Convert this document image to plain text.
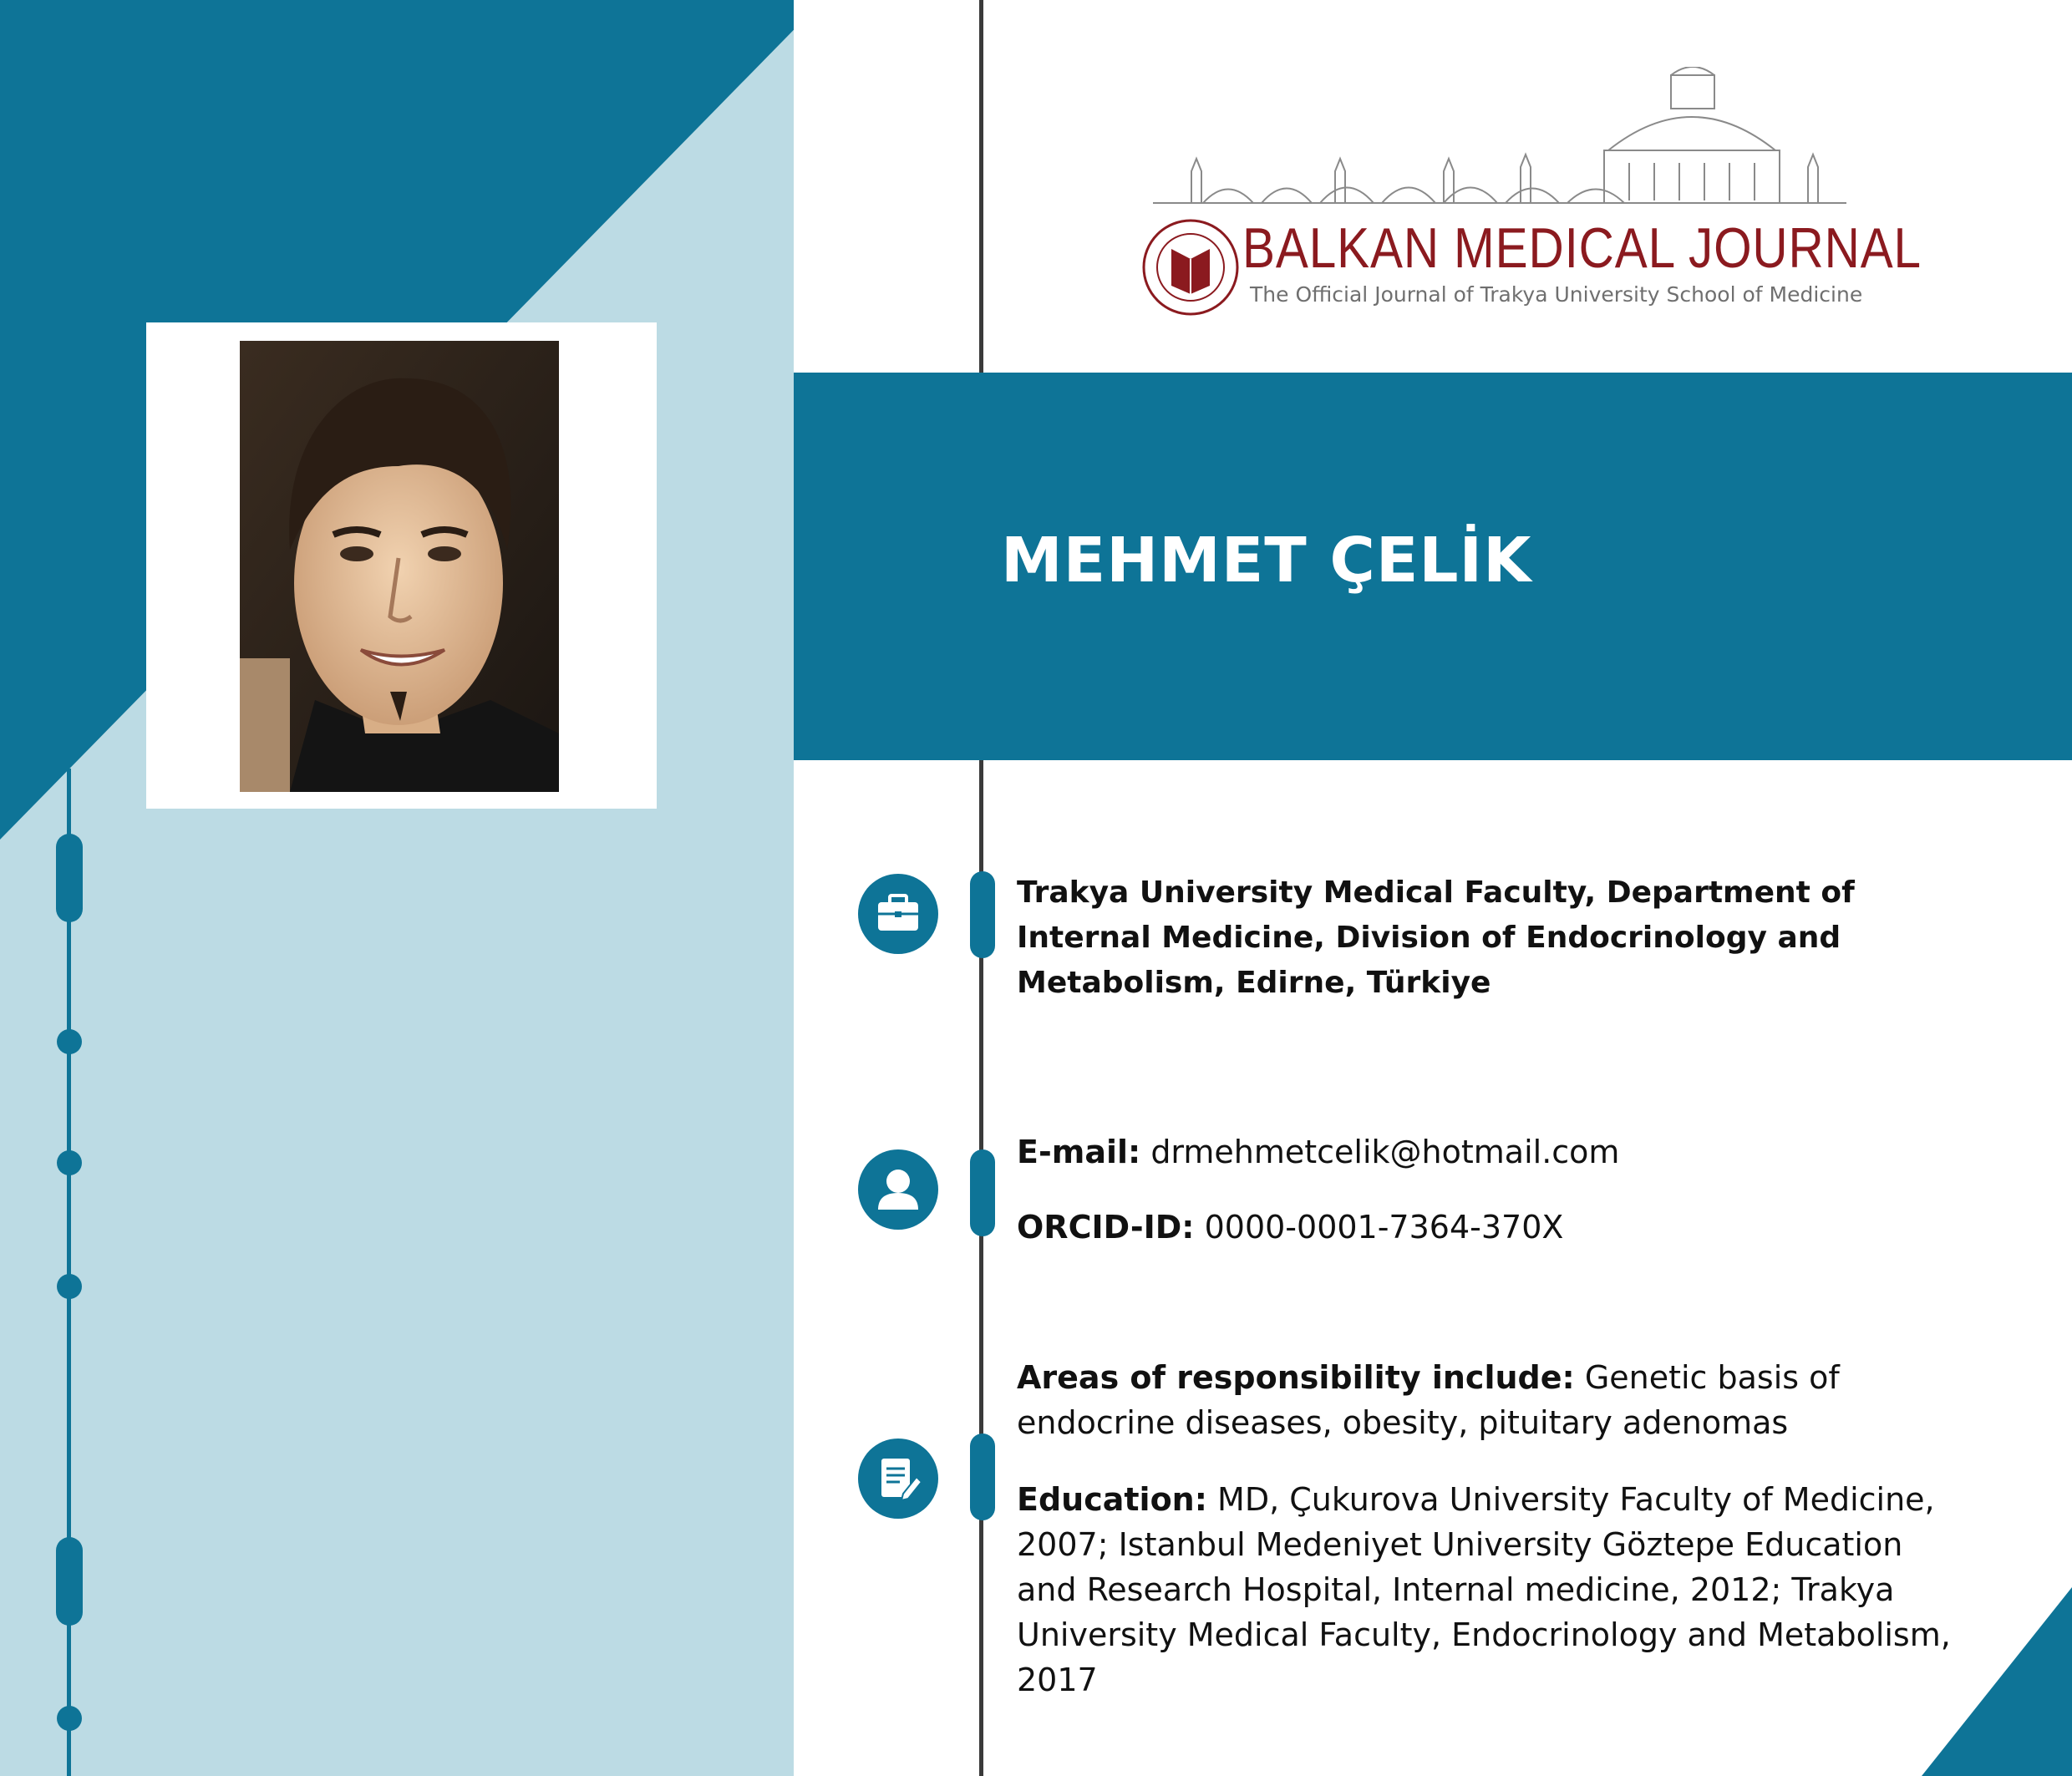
BALKAN MEDICAL JOURNAL
The Official Journal of Trakya University School of Medicine
MEHMET ÇELİK
Trakya University Medical Faculty, Department of Internal Medicine, Division of Endocrinology and Metabolism, Edirne, Türkiye
E-mail: drmehmetcelik@hotmail.com
ORCID-ID: 0000-0001-7364-370X
Areas of responsibility include: Genetic basis of endocrine diseases, obesity, pituitary adenomas
Education: MD, Çukurova University Faculty of Medicine, 2007; Istanbul Medeniyet University Göztepe Education and Research Hospital, Internal medicine, 2012; Trakya University Medical Faculty, Endocrinology and Metabolism, 2017
